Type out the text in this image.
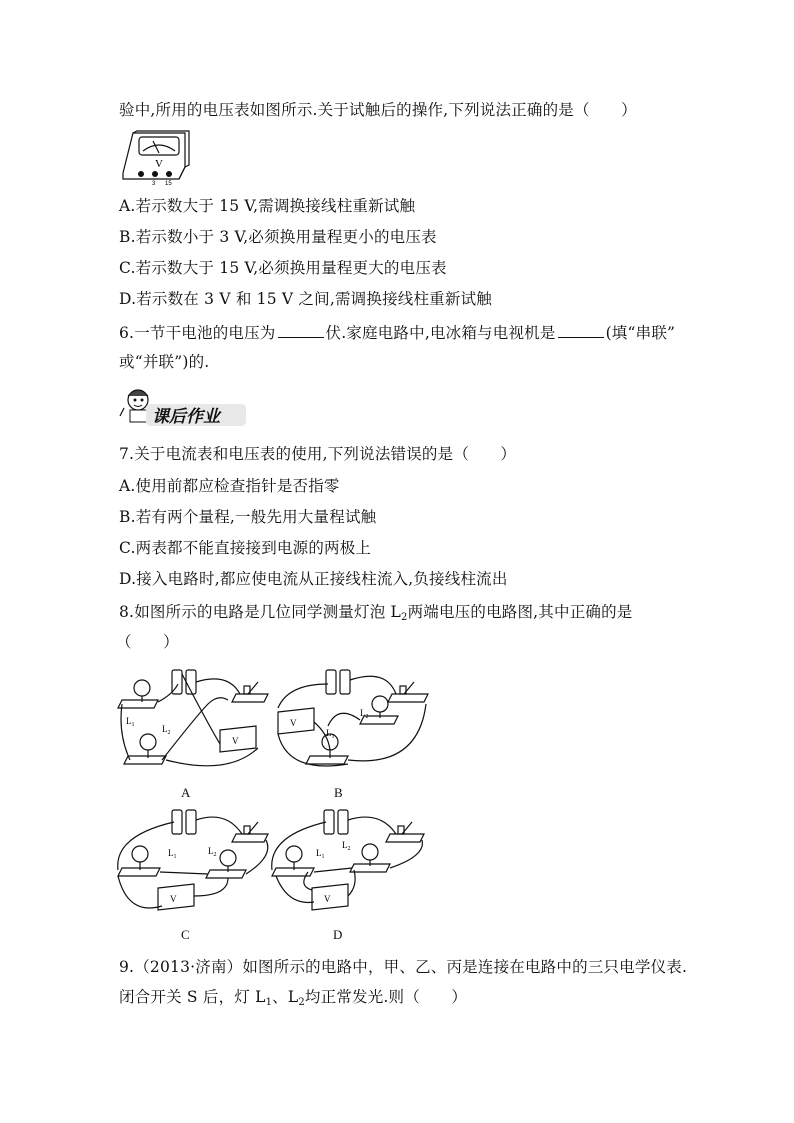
验中,所用的电压表如图所示.关于试触后的操作,下列说法正确的是（　　）
V
3 15
A.若示数大于 15 V,需调换接线柱重新试触
B.若示数小于 3 V,必须换用量程更小的电压表
C.若示数大于 15 V,必须换用量程更大的电压表
D.若示数在 3 V 和 15 V 之间,需调换接线柱重新试触
6.一节干电池的电压为	伏.家庭电路中,电冰箱与电视机是	(填“串联”
或“并联”)的.
课后作业
7.关于电流表和电压表的使用,下列说法错误的是（　　）
A.使用前都应检查指针是否指零
B.若有两个量程,一般先用大量程试触
C.两表都不能直接接到电源的两极上
D.接入电路时,都应使电流从正接线柱流入,负接线柱流出
8.如图所示的电路是几位同学测量灯泡 $L_2$两端电压的电路图,其中正确的是
（　　）
V
$L_1$	$L_2$
A
V
$L_2$
$L_1$
B
V
$L_1$
$L_2$
C
V
$L_1$
$L_2$
D
9.（2013·济南）如图所示的电路中，甲、乙、丙是连接在电路中的三只电学仪表.
闭合开关 S 后，灯 $L_1$、$L_2$均正常发光.则（　　）
